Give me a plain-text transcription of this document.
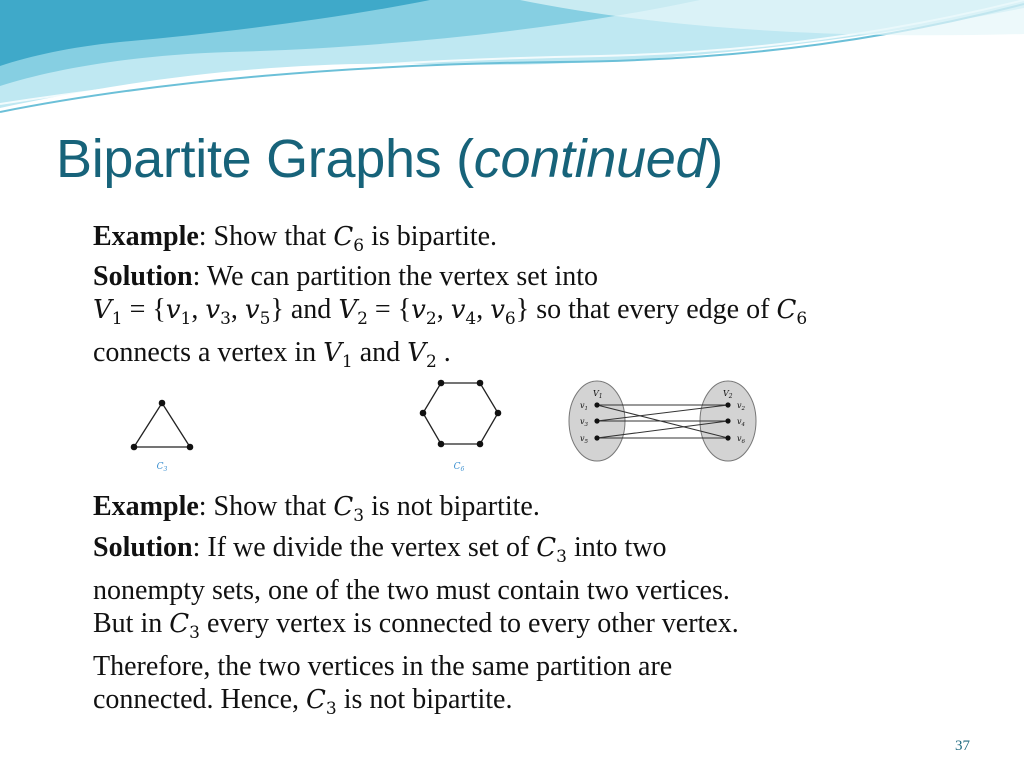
Bipartite Graphs (continued)

Example: Show that $C_6$ is bipartite.

Solution: We can partition the vertex set into
$V_1 = \{v_1$, $v_3$, $v_5$} and $V_2 = \{v_2$, $v_4$, $v_6$} so that every edge of $C_6$
connects a vertex in $V_1$ and $V_2$ .
$C_3$	$C_6$
$V_1$	$V_2$
$v_1$
$v_3$
$v_5$
$v_2$
$v_4$
$v_6$

Example: Show that $C_3$ is not bipartite.

Solution: If we divide the vertex set of $C_3$ into two
nonempty sets, one of the two must contain two vertices.
But in $C_3$ every vertex is connected to every other vertex.
Therefore, the two vertices in the same partition are
connected. Hence, $C_3$ is not bipartite.
37
